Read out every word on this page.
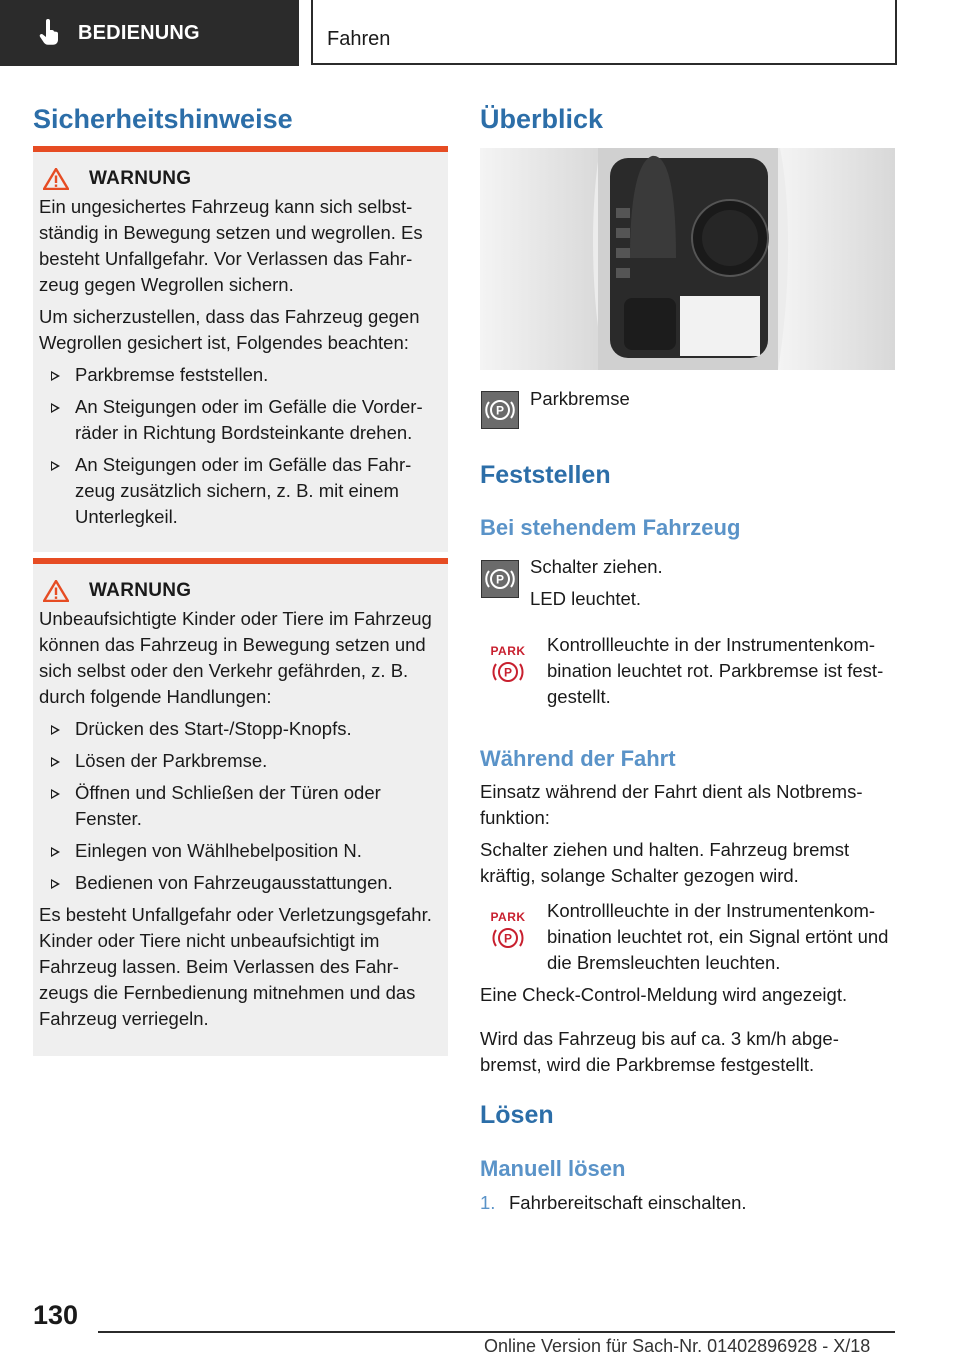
BEDIENUNG	Fahren
Sicherheitshinweise
WARNUNG

Ein ungesichertes Fahrzeug kann sich selbstständig in Bewegung setzen und wegrollen. Es besteht Unfallgefahr. Vor Verlassen das Fahrzeug gegen Wegrollen sichern.

Um sicherzustellen, dass das Fahrzeug gegen Wegrollen gesichert ist, Folgendes beachten:

Parkbremse feststellen.
An Steigungen oder im Gefälle die Vorderräder in Richtung Bordsteinkante drehen.
An Steigungen oder im Gefälle das Fahrzeug zusätzlich sichern, z. B. mit einem Unterlegkeil.
WARNUNG

Unbeaufsichtigte Kinder oder Tiere im Fahrzeug können das Fahrzeug in Bewegung setzen und sich selbst oder den Verkehr gefährden, z. B. durch folgende Handlungen:

Drücken des Start-/Stopp-Knopfs.
Lösen der Parkbremse.
Öffnen und Schließen der Türen oder Fenster.
Einlegen von Wählhebelposition N.
Bedienen von Fahrzeugausstattungen.

Es besteht Unfallgefahr oder Verletzungsgefahr. Kinder oder Tiere nicht unbeaufsichtigt im Fahrzeug lassen. Beim Verlassen des Fahrzeugs die Fernbedienung mitnehmen und das Fahrzeug verriegeln.

Überblick
P
Parkbremse
Feststellen
Bei stehendem Fahrzeug
P

Schalter ziehen.

LED leuchtet.

PARK
P
Kontrollleuchte in der Instrumentenkombination leuchtet rot. Parkbremse ist festgestellt.
Während der Fahrt

Einsatz während der Fahrt dient als Notbremsfunktion:

Schalter ziehen und halten. Fahrzeug bremst kräftig, solange Schalter gezogen wird.

PARK
P
Kontrollleuchte in der Instrumentenkombination leuchtet rot, ein Signal ertönt und die Bremsleuchten leuchten.

Eine Check-Control-Meldung wird angezeigt.

Wird das Fahrzeug bis auf ca. 3 km/h abgebremst, wird die Parkbremse festgestellt.

Lösen
Manuell lösen
1. Fahrbereitschaft einschalten.
130
Online Version für Sach-Nr. 01402896928 - X/18
